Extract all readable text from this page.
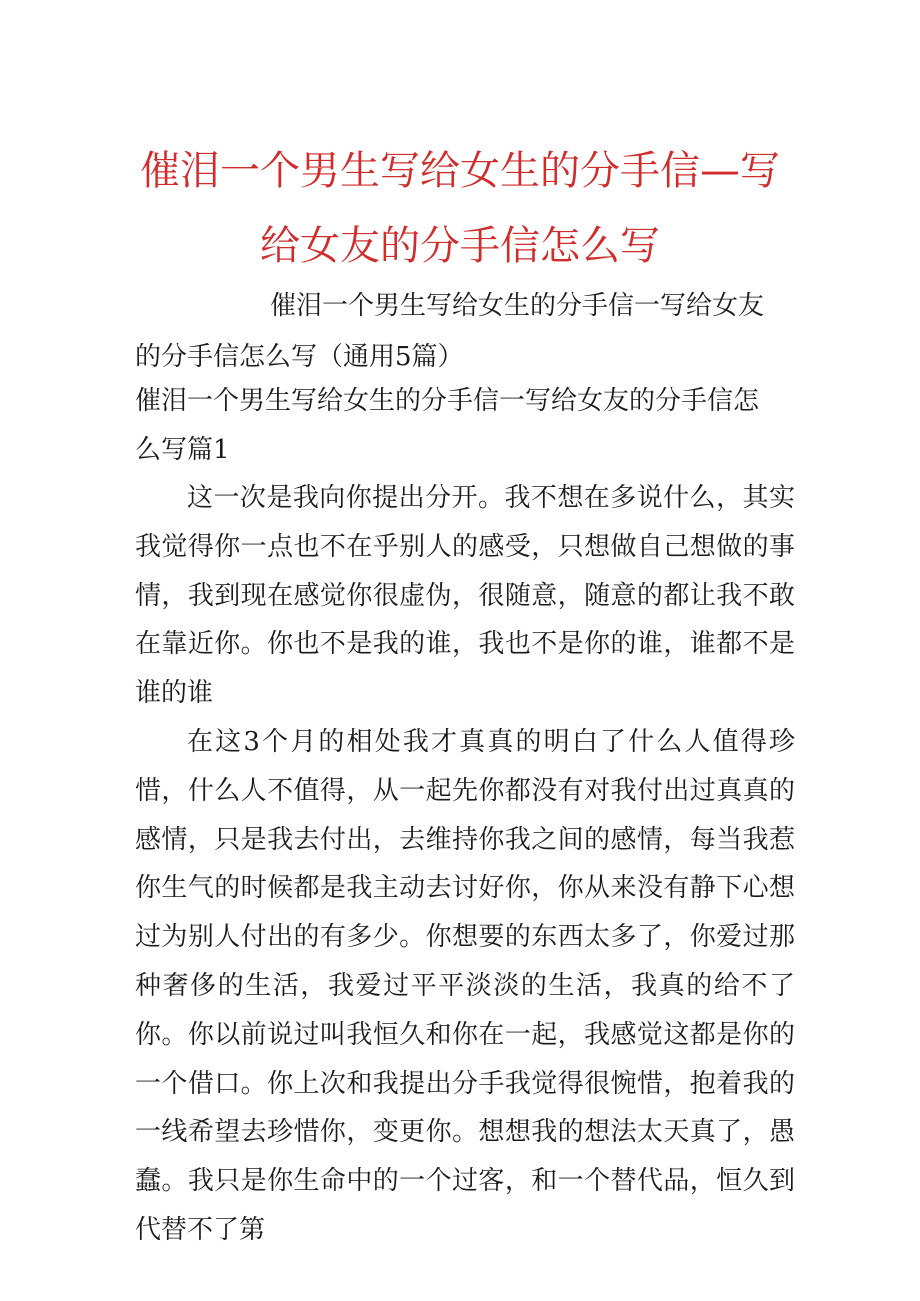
催泪一个男生写给女生的分手信—写
给女友的分手信怎么写
催泪一个男生写给女生的分手信一写给女友
的分手信怎么写（通用5篇）
催泪一个男生写给女生的分手信一写给女友的分手信怎
么写篇1
这一次是我向你提出分开。我不想在多说什么，其实我觉得你一点也不在乎别人的感受，只想做自己想做的事情，我到现在感觉你很虚伪，很随意，随意的都让我不敢在靠近你。你也不是我的谁，我也不是你的谁，谁都不是谁的谁
在这3个月的相处我才真真的明白了什么人值得珍惜，什么人不值得，从一起先你都没有对我付出过真真的感情，只是我去付出，去维持你我之间的感情，每当我惹你生气的时候都是我主动去讨好你，你从来没有静下心想过为别人付出的有多少。你想要的东西太多了，你爱过那种奢侈的生活，我爱过平平淡淡的生活，我真的给不了你。你以前说过叫我恒久和你在一起，我感觉这都是你的一个借口。你上次和我提出分手我觉得很惋惜，抱着我的一线希望去珍惜你，变更你。想想我的想法太天真了，愚蠢。我只是你生命中的一个过客，和一个替代品，恒久到代替不了第
